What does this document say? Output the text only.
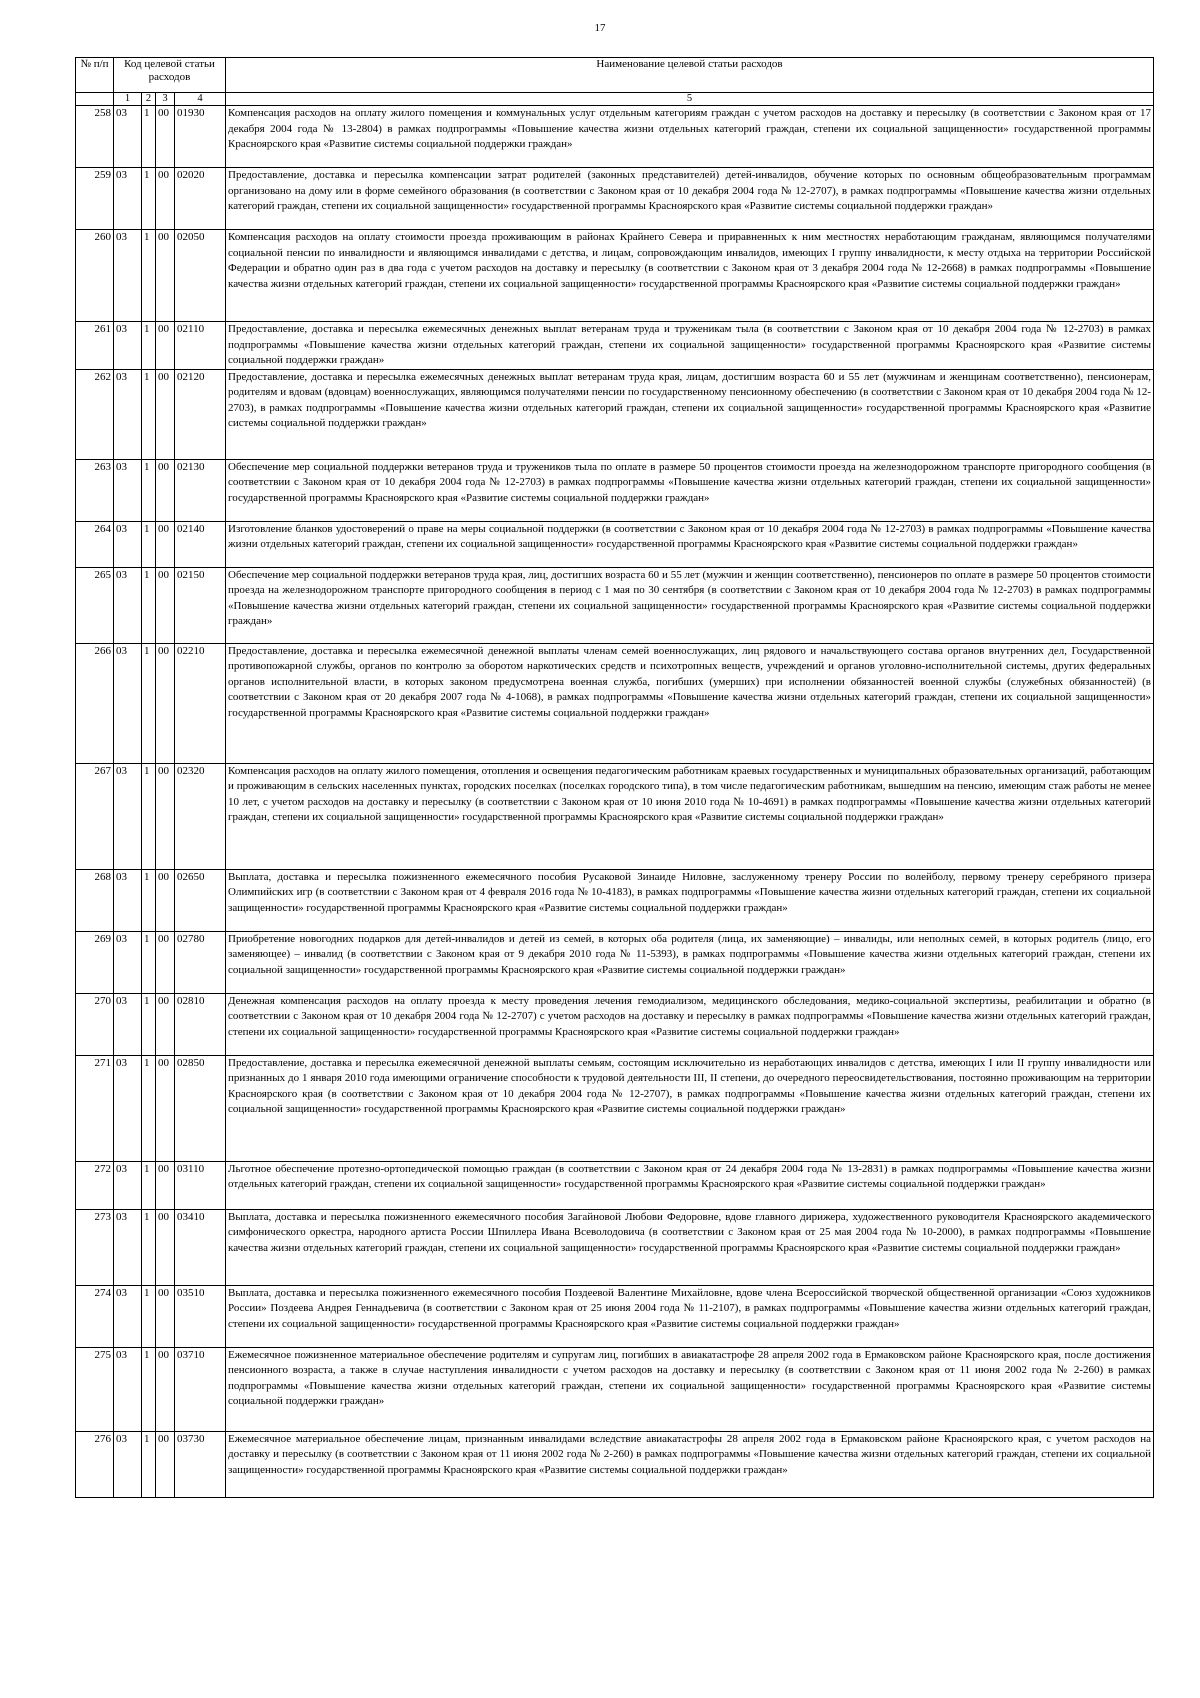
17
№ п/п	Код целевой статьи расходов				Наименование целевой статьи расходов
	1	2	3	4	5
258	03	1	00	01930	Компенсация расходов на оплату жилого помещения и коммунальных услуг отдельным категориям граждан с учетом расходов на доставку и пересылку (в соответствии с Законом края от 17 декабря 2004 года № 13-2804) в рамках подпрограммы «Повышение качества жизни отдельных категорий граждан, степени их социальной защищенности» государственной программы Красноярского края «Развитие системы социальной поддержки граждан»
259	03	1	00	02020	Предоставление, доставка и пересылка компенсации затрат родителей (законных представителей) детей-инвалидов, обучение которых по основным общеобразовательным программам организовано на дому или в форме семейного образования (в соответствии с Законом края от 10 декабря 2004 года № 12-2707), в рамках подпрограммы «Повышение качества жизни отдельных категорий граждан, степени их социальной защищенности» государственной программы Красноярского края «Развитие системы социальной поддержки граждан»
260	03	1	00	02050	Компенсация расходов на оплату стоимости проезда проживающим в районах Крайнего Севера и приравненных к ним местностях неработающим гражданам, являющимся получателями социальной пенсии по инвалидности и являющимся инвалидами с детства, и лицам, сопровождающим инвалидов, имеющих I группу инвалидности, к месту отдыха на территории Российской Федерации и обратно один раз в два года с учетом расходов на доставку и пересылку (в соответствии с Законом края от 3 декабря 2004 года № 12-2668) в рамках подпрограммы «Повышение качества жизни отдельных категорий граждан, степени их социальной защищенности» государственной программы Красноярского края «Развитие системы социальной поддержки граждан»
261	03	1	00	02110	Предоставление, доставка и пересылка ежемесячных денежных выплат ветеранам труда и труженикам тыла (в соответствии с Законом края от 10 декабря 2004 года № 12-2703) в рамках подпрограммы «Повышение качества жизни отдельных категорий граждан, степени их социальной защищенности» государственной программы Красноярского края «Развитие системы социальной поддержки граждан»
262	03	1	00	02120	Предоставление, доставка и пересылка ежемесячных денежных выплат ветеранам труда края, лицам, достигшим возраста 60 и 55 лет (мужчинам и женщинам соответственно), пенсионерам, родителям и вдовам (вдовцам) военнослужащих, являющимся получателями пенсии по государственному пенсионному обеспечению (в соответствии с Законом края от 10 декабря 2004 года № 12-2703), в рамках подпрограммы «Повышение качества жизни отдельных категорий граждан, степени их социальной защищенности» государственной программы Красноярского края «Развитие системы социальной поддержки граждан»
263	03	1	00	02130	Обеспечение мер социальной поддержки ветеранов труда и тружеников тыла по оплате в размере 50 процентов стоимости проезда на железнодорожном транспорте пригородного сообщения (в соответствии с Законом края от 10 декабря 2004 года № 12-2703) в рамках подпрограммы «Повышение качества жизни отдельных категорий граждан, степени их социальной защищенности» государственной программы Красноярского края «Развитие системы социальной поддержки граждан»
264	03	1	00	02140	Изготовление бланков удостоверений о праве на меры социальной поддержки (в соответствии с Законом края от 10 декабря 2004 года № 12-2703) в рамках подпрограммы «Повышение качества жизни отдельных категорий граждан, степени их социальной защищенности» государственной программы Красноярского края «Развитие системы социальной поддержки граждан»
265	03	1	00	02150	Обеспечение мер социальной поддержки ветеранов труда края, лиц, достигших возраста 60 и 55 лет (мужчин и женщин соответственно), пенсионеров по оплате в размере 50 процентов стоимости проезда на железнодорожном транспорте пригородного сообщения в период с 1 мая по 30 сентября (в соответствии с Законом края от 10 декабря 2004 года № 12-2703) в рамках подпрограммы «Повышение качества жизни отдельных категорий граждан, степени их социальной защищенности» государственной программы Красноярского края «Развитие системы социальной поддержки граждан»
266	03	1	00	02210	Предоставление, доставка и пересылка ежемесячной денежной выплаты членам семей военнослужащих, лиц рядового и начальствующего состава органов внутренних дел, Государственной противопожарной службы, органов по контролю за оборотом наркотических средств и психотропных веществ, учреждений и органов уголовно-исполнительной системы, других федеральных органов исполнительной власти, в которых законом предусмотрена военная служба, погибших (умерших) при исполнении обязанностей военной службы (служебных обязанностей) (в соответствии с Законом края от 20 декабря 2007 года № 4-1068), в рамках подпрограммы «Повышение качества жизни отдельных категорий граждан, степени их социальной защищенности» государственной программы Красноярского края «Развитие системы социальной поддержки граждан»
267	03	1	00	02320	Компенсация расходов на оплату жилого помещения, отопления и освещения педагогическим работникам краевых государственных и муниципальных образовательных организаций, работающим и проживающим в сельских населенных пунктах, городских поселках (поселках городского типа), в том числе педагогическим работникам, вышедшим на пенсию, имеющим стаж работы не менее 10 лет, с учетом расходов на доставку и пересылку (в соответствии с Законом края от 10 июня 2010 года № 10-4691) в рамках подпрограммы «Повышение качества жизни отдельных категорий граждан, степени их социальной защищенности» государственной программы Красноярского края «Развитие системы социальной поддержки граждан»
268	03	1	00	02650	Выплата, доставка и пересылка пожизненного ежемесячного пособия Русаковой Зинаиде Ниловне, заслуженному тренеру России по волейболу, первому тренеру серебряного призера Олимпийских игр (в соответствии с Законом края от 4 февраля 2016 года № 10-4183), в рамках подпрограммы «Повышение качества жизни отдельных категорий граждан, степени их социальной защищенности» государственной программы Красноярского края «Развитие системы социальной поддержки граждан»
269	03	1	00	02780	Приобретение новогодних подарков для детей-инвалидов и детей из семей, в которых оба родителя (лица, их заменяющие) – инвалиды, или неполных семей, в которых родитель (лицо, его заменяющее) – инвалид (в соответствии с Законом края от 9 декабря 2010 года № 11-5393), в рамках подпрограммы «Повышение качества жизни отдельных категорий граждан, степени их социальной защищенности» государственной программы Красноярского края «Развитие системы социальной поддержки граждан»
270	03	1	00	02810	Денежная компенсация расходов на оплату проезда к месту проведения лечения гемодиализом, медицинского обследования, медико-социальной экспертизы, реабилитации и обратно (в соответствии с Законом края от 10 декабря 2004 года № 12-2707) с учетом расходов на доставку и пересылку в рамках подпрограммы «Повышение качества жизни отдельных категорий граждан, степени их социальной защищенности» государственной программы Красноярского края «Развитие системы социальной поддержки граждан»
271	03	1	00	02850	Предоставление, доставка и пересылка ежемесячной денежной выплаты семьям, состоящим исключительно из неработающих инвалидов с детства, имеющих I или II группу инвалидности или признанных до 1 января 2010 года имеющими ограничение способности к трудовой деятельности III, II степени, до очередного переосвидетельствования, постоянно проживающим на территории Красноярского края (в соответствии с Законом края от 10 декабря 2004 года № 12-2707), в рамках подпрограммы «Повышение качества жизни отдельных категорий граждан, степени их социальной защищенности» государственной программы Красноярского края «Развитие системы социальной поддержки граждан»
272	03	1	00	03110	Льготное обеспечение протезно-ортопедической помощью граждан (в соответствии с Законом края от 24 декабря 2004 года № 13-2831) в рамках подпрограммы «Повышение качества жизни отдельных категорий граждан, степени их социальной защищенности» государственной программы Красноярского края «Развитие системы социальной поддержки граждан»
273	03	1	00	03410	Выплата, доставка и пересылка пожизненного ежемесячного пособия Загайновой Любови Федоровне, вдове главного дирижера, художественного руководителя Красноярского академического симфонического оркестра, народного артиста России Шпиллера Ивана Всеволодовича (в соответствии с Законом края от 25 мая 2004 года № 10-2000), в рамках подпрограммы «Повышение качества жизни отдельных категорий граждан, степени их социальной защищенности» государственной программы Красноярского края «Развитие системы социальной поддержки граждан»
274	03	1	00	03510	Выплата, доставка и пересылка пожизненного ежемесячного пособия Поздеевой Валентине Михайловне, вдове члена Всероссийской творческой общественной организации «Союз художников России» Поздеева Андрея Геннадьевича (в соответствии с Законом края от 25 июня 2004 года № 11-2107), в рамках подпрограммы «Повышение качества жизни отдельных категорий граждан, степени их социальной защищенности» государственной программы Красноярского края «Развитие системы социальной поддержки граждан»
275	03	1	00	03710	Ежемесячное пожизненное материальное обеспечение родителям и супругам лиц, погибших в авиакатастрофе 28 апреля 2002 года в Ермаковском районе Красноярского края, после достижения пенсионного возраста, а также в случае наступления инвалидности с учетом расходов на доставку и пересылку (в соответствии с Законом края от 11 июня 2002 года № 2-260) в рамках подпрограммы «Повышение качества жизни отдельных категорий граждан, степени их социальной защищенности» государственной программы Красноярского края «Развитие системы социальной поддержки граждан»
276	03	1	00	03730	Ежемесячное материальное обеспечение лицам, признанным инвалидами вследствие авиакатастрофы 28 апреля 2002 года в Ермаковском районе Красноярского края, с учетом расходов на доставку и пересылку (в соответствии с Законом края от 11 июня 2002 года № 2-260) в рамках подпрограммы «Повышение качества жизни отдельных категорий граждан, степени их социальной защищенности» государственной программы Красноярского края «Развитие системы социальной поддержки граждан»
